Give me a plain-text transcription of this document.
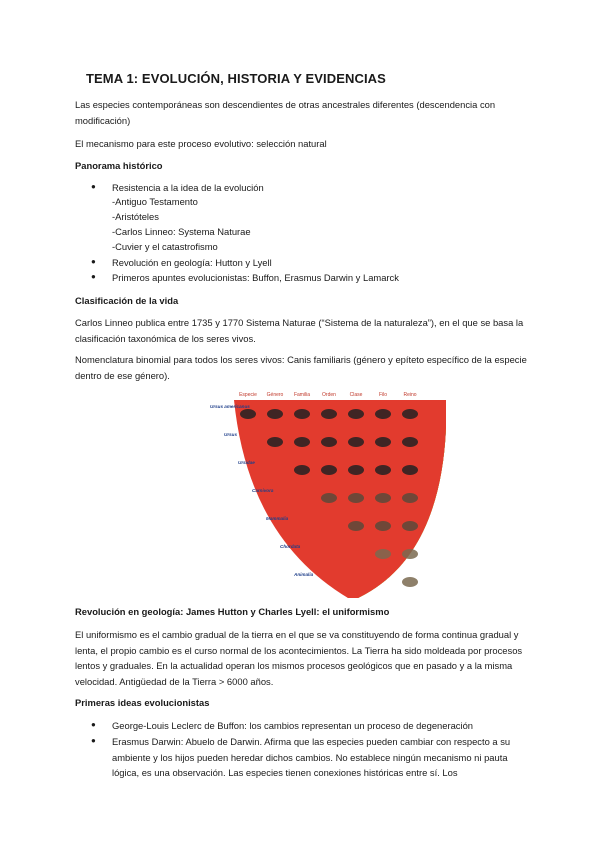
TEMA 1: EVOLUCIÓN, HISTORIA Y EVIDENCIAS
Las especies contemporáneas son descendientes de otras ancestrales diferentes (descendencia con modificación)
El mecanismo para este proceso evolutivo: selección natural
Panorama histórico
● Resistencia a la idea de la evolución
-Antiguo Testamento
-Aristóteles
-Carlos Linneo: Systema Naturae
-Cuvier y el catastrofismo
● Revolución en geología: Hutton y Lyell
● Primeros apuntes evolucionistas: Buffon, Erasmus Darwin y Lamarck
Clasificación de la vida
Carlos Linneo publica entre 1735 y 1770 Sistema Naturae (“Sistema de la naturaleza”), en el que se basa la clasificación taxonómica de los seres vivos.
Nomenclatura binomial para todos los seres vivos: Canis familiaris (género y epíteto específico de la especie dentro de ese género).
Especie Género Familia Orden	Clase	Filo	Reino
Ursus americanus
Ursus
Ursidae
Carnivora
Mammalia
Chordata
Animalia
Revolución en geología: James Hutton y Charles Lyell: el uniformismo
El uniformismo es el cambio gradual de la tierra en el que se va constituyendo de forma continua gradual y lenta, el propio cambio es el curso normal de los acontecimientos. La Tierra ha sido moldeada por procesos lentos y graduales. En la actualidad operan los mismos procesos geológicos que en pasado y a la misma velocidad. Antigüedad de la Tierra > 6000 años.
Primeras ideas evolucionistas
● George-Louis Leclerc de Buffon: los cambios representan un proceso de degeneración
● Erasmus Darwin: Abuelo de Darwin. Afirma que las especies pueden cambiar con respecto a su ambiente y los hijos pueden heredar dichos cambios. No establece ningún mecanismo ni pauta lógica, es una observación. Las especies tienen conexiones históricas entre sí. Los
